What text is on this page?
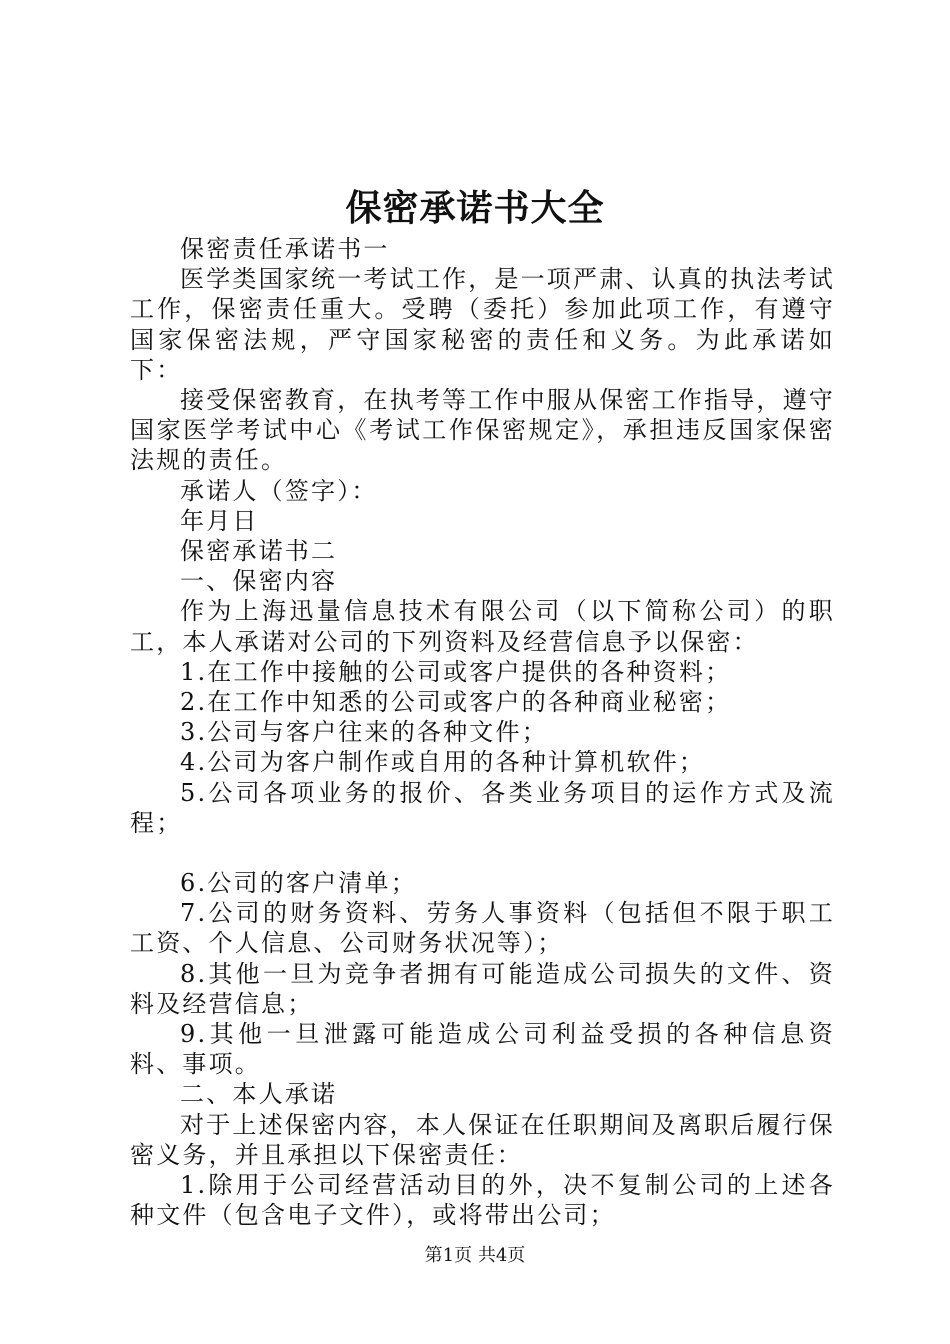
保密承诺书大全

保密责任承诺书一

医学类国家统一考试工作，是一项严肃、认真的执法考试工作，保密责任重大。受聘（委托）参加此项工作，有遵守国家保密法规，严守国家秘密的责任和义务。为此承诺如下：

接受保密教育，在执考等工作中服从保密工作指导，遵守国家医学考试中心《考试工作保密规定》，承担违反国家保密法规的责任。

承诺人（签字）：

年月日

保密承诺书二

一、保密内容

作为上海迅量信息技术有限公司（以下简称公司）的职工，本人承诺对公司的下列资料及经营信息予以保密：

1.在工作中接触的公司或客户提供的各种资料；

2.在工作中知悉的公司或客户的各种商业秘密；

3.公司与客户往来的各种文件；

4.公司为客户制作或自用的各种计算机软件；

5.公司各项业务的报价、各类业务项目的运作方式及流程；

6.公司的客户清单；

7.公司的财务资料、劳务人事资料（包括但不限于职工工资、个人信息、公司财务状况等）；

8.其他一旦为竞争者拥有可能造成公司损失的文件、资料及经营信息；

9.其他一旦泄露可能造成公司利益受损的各种信息资料、事项。

二、本人承诺

对于上述保密内容，本人保证在任职期间及离职后履行保密义务，并且承担以下保密责任：

1.除用于公司经营活动目的外，决不复制公司的上述各种文件（包含电子文件），或将带出公司；

第1页 共4页
